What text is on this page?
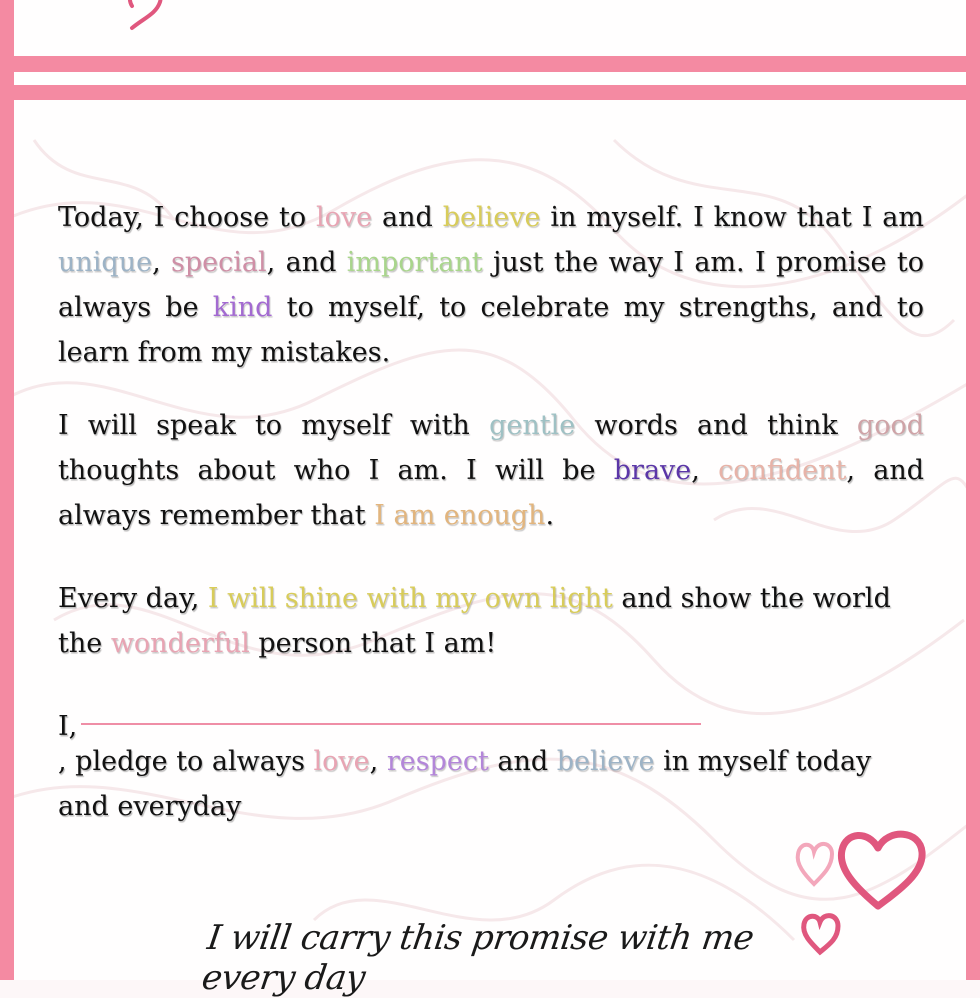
Today, I choose to love and believe in myself. I know that I am unique, special, and important just the way I am. I promise to always be kind to myself, to celebrate my strengths, and to learn from my mistakes.

I will speak to myself with gentle words and think good thoughts about who I am. I will be brave, confident, and always remember that I am enough.

Every day, I will shine with my own light and show the world the wonderful person that I am!

I,

, pledge to always love, respect and believe in myself today and everyday

I will carry this promise with me every day
